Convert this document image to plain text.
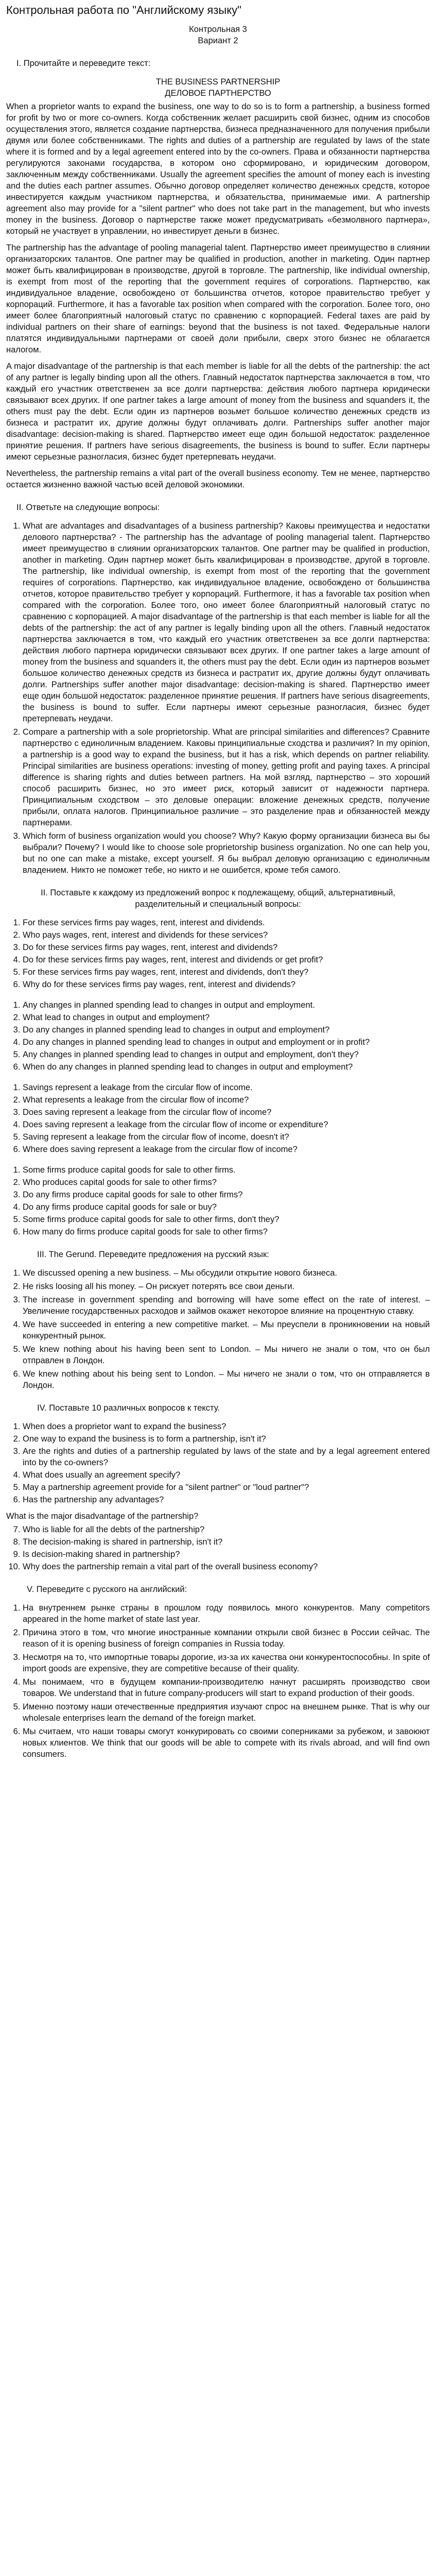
Контрольная работа по "Английскому языку"
Контрольная 3
Вариант 2
I. Прочитайте и переведите текст:
THE BUSINESS PARTNERSHIP
ДЕЛОВОЕ ПАРТНЕРСТВО

When a proprietor wants to expand the business, one way to do so is to form a partnership, a business formed for profit by two or more co-owners. Когда собственник желает расширить свой бизнес, одним из способов осуществления этого, является создание партнерства, бизнеса предназначенного для получения прибыли двумя или более собственниками. The rights and duties of a partnership are regulated by laws of the state where it is formed and by a legal agreement entered into by the co-owners. Права и обязанности партнерства регулируются законами государства, в котором оно сформировано, и юридическим договором, заключенным между собственниками. Usually the agreement specifies the amount of money each is investing and the duties each partner assumes. Обычно договор определяет количество денежных средств, которое инвестируется каждым участником партнерства, и обязательства, принимаемые ими. A partnership agreement also may provide for a "silent partner" who does not take part in the management, but who invests money in the business. Договор о партнерстве также может предусматривать «безмолвного партнера», который не участвует в управлении, но инвестирует деньги в бизнес.

The partnership has the advantage of pooling managerial talent. Партнерство имеет преимущество в слиянии организаторских талантов. One partner may be qualified in production, another in marketing. Один партнер может быть квалифицирован в производстве, другой в торговле. The partnership, like individual ownership, is exempt from most of the reporting that the government requires of corporations. Партнерство, как индивидуальное владение, освобождено от большинства отчетов, которое правительство требует у корпораций. Furthermore, it has a favorable tax position when compared with the corporation. Более того, оно имеет более благоприятный налоговый статус по сравнению с корпорацией. Federal taxes are paid by individual partners on their share of earnings: beyond that the business is not taxed. Федеральные налоги платятся индивидуальными партнерами от своей доли прибыли, сверх этого бизнес не облагается налогом.

A major disadvantage of the partnership is that each member is liable for all the debts of the partnership: the act of any partner is legally binding upon all the others. Главный недостаток партнерства заключается в том, что каждый его участник ответственен за все долги партнерства: действия любого партнера юридически связывают всех других. If one partner takes a large amount of money from the business and squanders it, the others must pay the debt. Если один из партнеров возьмет большое количество денежных средств из бизнеса и растратит их, другие должны будут оплачивать долги. Partnerships suffer another major disadvantage: decision-making is shared. Партнерство имеет еще один большой недостаток: разделенное принятие решения. If partners have serious disagreements, the business is bound to suffer. Если партнеры имеют серьезные разногласия, бизнес будет претерпевать неудачи.

Nevertheless, the partnership remains a vital part of the overall business economy. Тем не менее, партнерство остается жизненно важной частью всей деловой экономики.

II. Ответьте на следующие вопросы:
1. What are advantages and disadvantages of a business partnership? Каковы преимущества и недостатки делового партнерства? - The partnership has the advantage of pooling managerial talent. Партнерство имеет преимущество в слиянии организаторских талантов. One partner may be qualified in production, another in marketing. Один партнер может быть квалифицирован в производстве, другой в торговле. The partnership, like individual ownership, is exempt from most of the reporting that the government requires of corporations. Партнерство, как индивидуальное владение, освобождено от большинства отчетов, которое правительство требует у корпораций. Furthermore, it has a favorable tax position when compared with the corporation. Более того, оно имеет более благоприятный налоговый статус по сравнению с корпорацией. A major disadvantage of the partnership is that each member is liable for all the debts of the partnership: the act of any partner is legally binding upon all the others. Главный недостаток партнерства заключается в том, что каждый его участник ответственен за все долги партнерства: действия любого партнера юридически связывают всех других. If one partner takes a large amount of money from the business and squanders it, the others must pay the debt. Если один из партнеров возьмет большое количество денежных средств из бизнеса и растратит их, другие должны будут оплачивать долги. Partnerships suffer another major disadvantage: decision-making is shared. Партнерство имеет еще один большой недостаток: разделенное принятие решения. If partners have serious disagreements, the business is bound to suffer. Если партнеры имеют серьезные разногласия, бизнес будет претерпевать неудачи.
2. Compare a partnership with a sole proprietorship. What are principal similarities and differences? Сравните партнерство с единоличным владением. Каковы принципиальные сходства и различия? In my opinion, a partnership is a good way to expand the business, but it has a risk, which depends on partner reliability. Principal similarities are business operations: investing of money, getting profit and paying taxes. A principal difference is sharing rights and duties between partners. На мой взгляд, партнерство – это хороший способ расширить бизнес, но это имеет риск, который зависит от надежности партнера. Принципиальным сходством – это деловые операции: вложение денежных средств, получение прибыли, оплата налогов. Принципиальное различие – это разделение прав и обязанностей между партнерами.
3. Which form of business organization would you choose? Why? Какую форму организации бизнеса вы бы выбрали? Почему? I would like to choose sole proprietorship business organization. No one can help you, but no one can make a mistake, except yourself. Я бы выбрал деловую организацию с единоличным владением. Никто не поможет тебе, но никто и не ошибется, кроме тебя самого.
II. Поставьте к каждому из предложений вопрос к подлежащему, общий, альтернативный, разделительный и специальный вопросы:
1. For these services firms pay wages, rent, interest and dividends.
2. Who pays wages, rent, interest and dividends for these services?
3. Do for these services firms pay wages, rent, interest and dividends?
4. Do for these services firms pay wages, rent, interest and dividends or get profit?
5. For these services firms pay wages, rent, interest and dividends, don't they?
6. Why do for these services firms pay wages, rent, interest and dividends?
1. Any changes in planned spending lead to changes in output and employment.
2. What lead to changes in output and employment?
3. Do any changes in planned spending lead to changes in output and employment?
4. Do any changes in planned spending lead to changes in output and employment or in profit?
5. Any changes in planned spending lead to changes in output and employment, don't they?
6. When do any changes in planned spending lead to changes in output and employment?
1. Savings represent a leakage from the circular flow of income.
2. What represents a leakage from the circular flow of income?
3. Does saving represent a leakage from the circular flow of income?
4. Does saving represent a leakage from the circular flow of income or expenditure?
5. Saving represent a leakage from the circular flow of income, doesn't it?
6. Where does saving represent a leakage from the circular flow of income?
1. Some firms produce capital goods for sale to other firms.
2. Who produces capital goods for sale to other firms?
3. Do any firms produce capital goods for sale to other firms?
4. Do any firms produce capital goods for sale or buy?
5. Some firms produce capital goods for sale to other firms, don't they?
6. How many do firms produce capital goods for sale to other firms?
III. The Gerund. Переведите предложения на русский язык:
1. We discussed opening a new business. – Мы обсудили открытие нового бизнеса.
2. He risks loosing all his money. – Он рискует потерять все свои деньги.
3. The increase in government spending and borrowing will have some effect on the rate of interest. – Увеличение государственных расходов и займов окажет некоторое влияние на процентную ставку.
4. We have succeeded in entering a new competitive market. – Мы преуспели в проникновении на новый конкурентный рынок.
5. We knew nothing about his having been sent to London. – Мы ничего не знали о том, что он был отправлен в Лондон.
6. We knew nothing about his being sent to London. – Мы ничего не знали о том, что он отправляется в Лондон.
IV. Поставьте 10 различных вопросов к тексту.
1. When does a proprietor want to expand the business?
2. One way to expand the business is to form a partnership, isn't it?
3. Are the rights and duties of a partnership regulated by laws of the state and by a legal agreement entered into by the co-owners?
4. What does usually an agreement specify?
5. May a partnership agreement provide for a "silent partner" or "loud partner"?
6. Has the partnership any advantages?
What is the major disadvantage of the partnership?
7. Who is liable for all the debts of the partnership?
8. The decision-making is shared in partnership, isn't it?
9. Is decision-making shared in partnership?
10. Why does the partnership remain a vital part of the overall business economy?
V. Переведите с русского на английский:
1. На внутреннем рынке страны в прошлом году появилось много конкурентов. Many competitors appeared in the home market of state last year.
2. Причина этого в том, что многие иностранные компании открыли свой бизнес в России сейчас. The reason of it is opening business of foreign companies in Russia today.
3. Несмотря на то, что импортные товары дорогие, из-за их качества они конкурентоспособны. In spite of import goods are expensive, they are competitive because of their quality.
4. Мы понимаем, что в будущем компании-производителю начнут расширять производство свои товаров. We understand that in future company-producers will start to expand production of their goods.
5. Именно поэтому наши отечественные предприятия изучают спрос на внешнем рынке. That is why our wholesale enterprises learn the demand of the foreign market.
6. Мы считаем, что наши товары смогут конкурировать со своими соперниками за рубежом, и завоюют новых клиентов. We think that our goods will be able to compete with its rivals abroad, and will find own consumers.
